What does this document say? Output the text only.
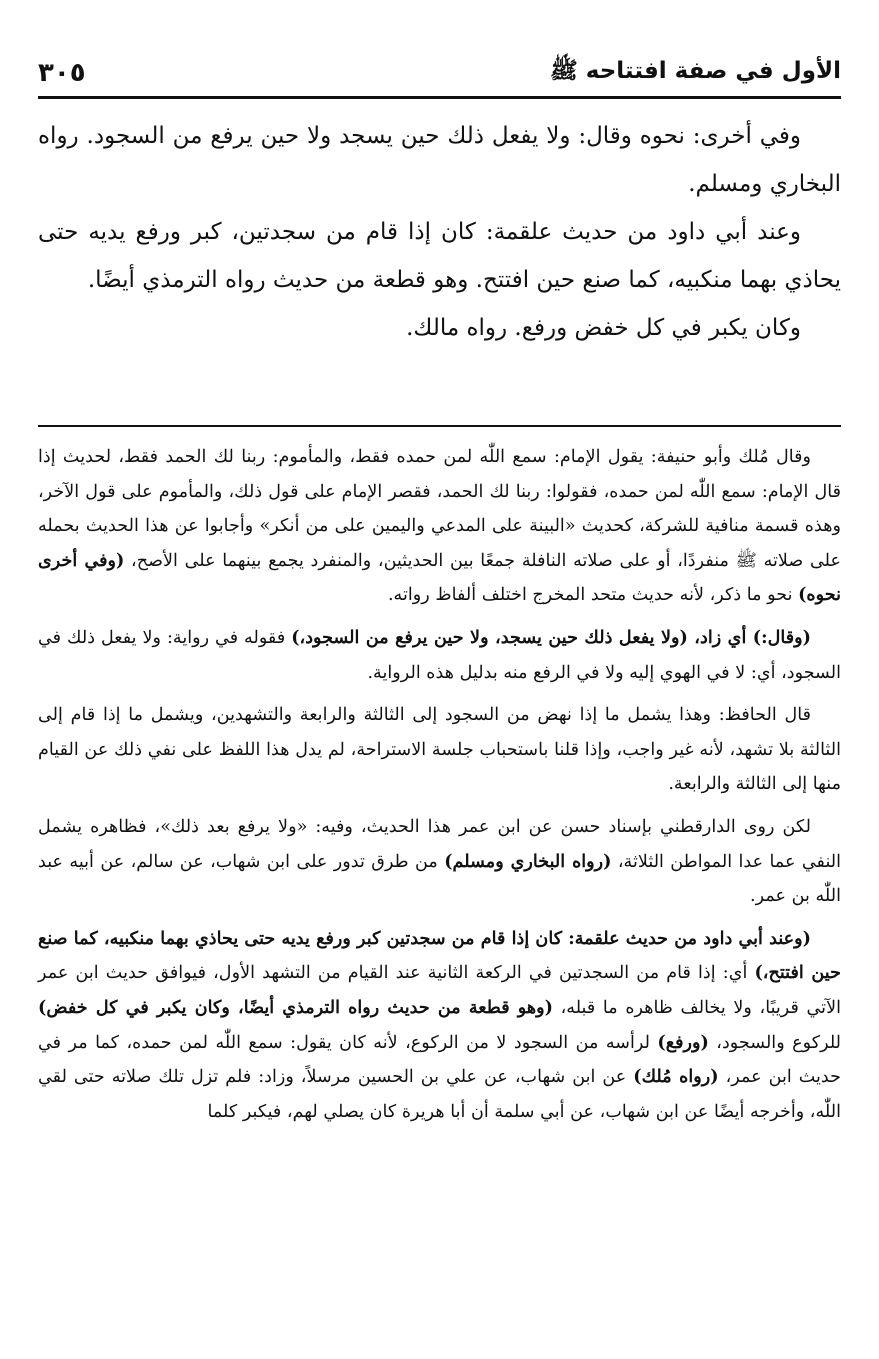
الأول في صفة افتتاحه ﷺ
٣٠٥

وفي أخرى: نحوه وقال: ولا يفعل ذلك حين يسجد ولا حين يرفع من السجود. رواه البخاري ومسلم.

وعند أبي داود من حديث علقمة: كان إذا قام من سجدتين، كبر ورفع يديه حتى يحاذي بهما منكبيه، كما صنع حين افتتح. وهو قطعة من حديث رواه الترمذي أيضًا.

وكان يكبر في كل خفض ورفع. رواه مالك.

وقال مُلك وأبو حنيفة: يقول الإمام: سمع اللّٰه لمن حمده فقط، والمأموم: ربنا لك الحمد فقط، لحديث إذا قال الإمام: سمع اللّٰه لمن حمده، فقولوا: ربنا لك الحمد، فقصر الإمام على قول ذلك، والمأموم على قول الآخر، وهذه قسمة منافية للشركة، كحديث «البينة على المدعي واليمين على من أنكر» وأجابوا عن هذا الحديث بحمله على صلاته ﷺ منفردًا، أو على صلاته النافلة جمعًا بين الحديثين، والمنفرد يجمع بينهما على الأصح، (وفي أخرى نحوه) نحو ما ذكر، لأنه حديث متحد المخرج اختلف ألفاظ رواته.

(وقال:) أي زاد، (ولا يفعل ذلك حين يسجد، ولا حين يرفع من السجود،) فقوله في رواية: ولا يفعل ذلك في السجود، أي: لا في الهوي إليه ولا في الرفع منه بدليل هذه الرواية.

قال الحافظ: وهذا يشمل ما إذا نهض من السجود إلى الثالثة والرابعة والتشهدين، ويشمل ما إذا قام إلى الثالثة بلا تشهد، لأنه غير واجب، وإذا قلنا باستحباب جلسة الاستراحة، لم يدل هذا اللفظ على نفي ذلك عن القيام منها إلى الثالثة والرابعة.

لكن روى الدارقطني بإسناد حسن عن ابن عمر هذا الحديث، وفيه: «ولا يرفع بعد ذلك»، فظاهره يشمل النفي عما عدا المواطن الثلاثة، (رواه البخاري ومسلم) من طرق تدور على ابن شهاب، عن سالم، عن أبيه عبد اللّٰه بن عمر.

(وعند أبي داود من حديث علقمة: كان إذا قام من سجدتين كبر ورفع يديه حتى يحاذي بهما منكبيه، كما صنع حين افتتح،) أي: إذا قام من السجدتين في الركعة الثانية عند القيام من التشهد الأول، فيوافق حديث ابن عمر الآتي قريبًا، ولا يخالف ظاهره ما قبله، (وهو قطعة من حديث رواه الترمذي أيضًا، وكان يكبر في كل خفض) للركوع والسجود، (ورفع) لرأسه من السجود لا من الركوع، لأنه كان يقول: سمع اللّٰه لمن حمده، كما مر في حديث ابن عمر، (رواه مُلك) عن ابن شهاب، عن علي بن الحسين مرسلاً، وزاد: فلم تزل تلك صلاته حتى لقي اللّٰه، وأخرجه أيضًا عن ابن شهاب، عن أبي سلمة أن أبا هريرة كان يصلي لهم، فيكبر كلما
